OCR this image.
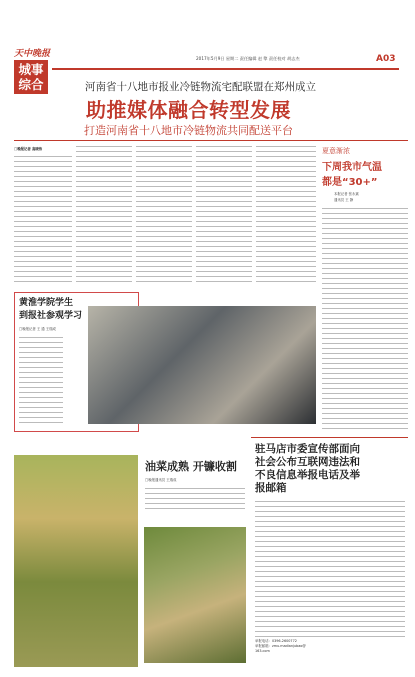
天中晚报
城事
综合
2017年5月9日 星期二 责任编辑 赵 擎 责任校对 胡志杰	A03
河南省十八地市报业冷链物流宅配联盟在郑州成立
助推媒体融合转型发展
打造河南省十八地市冷链物流共同配送平台
□晚报记者 高晓伟	夏意渐浓
下周我市气温
都是“30+”
本报记者 张永斌
通讯员 王 静
黄淮学院学生
到报社参观学习
□晚报记者 王 通 王瑞成
油菜成熟 开镰收割
□晚报通讯员 王瑞成
驻马店市委宣传部面向
社会公布互联网违法和
不良信息举报电话及举
报邮箱
举报电话：0396-2600772
举报邮箱：zmu.madianjubao@
163.com
